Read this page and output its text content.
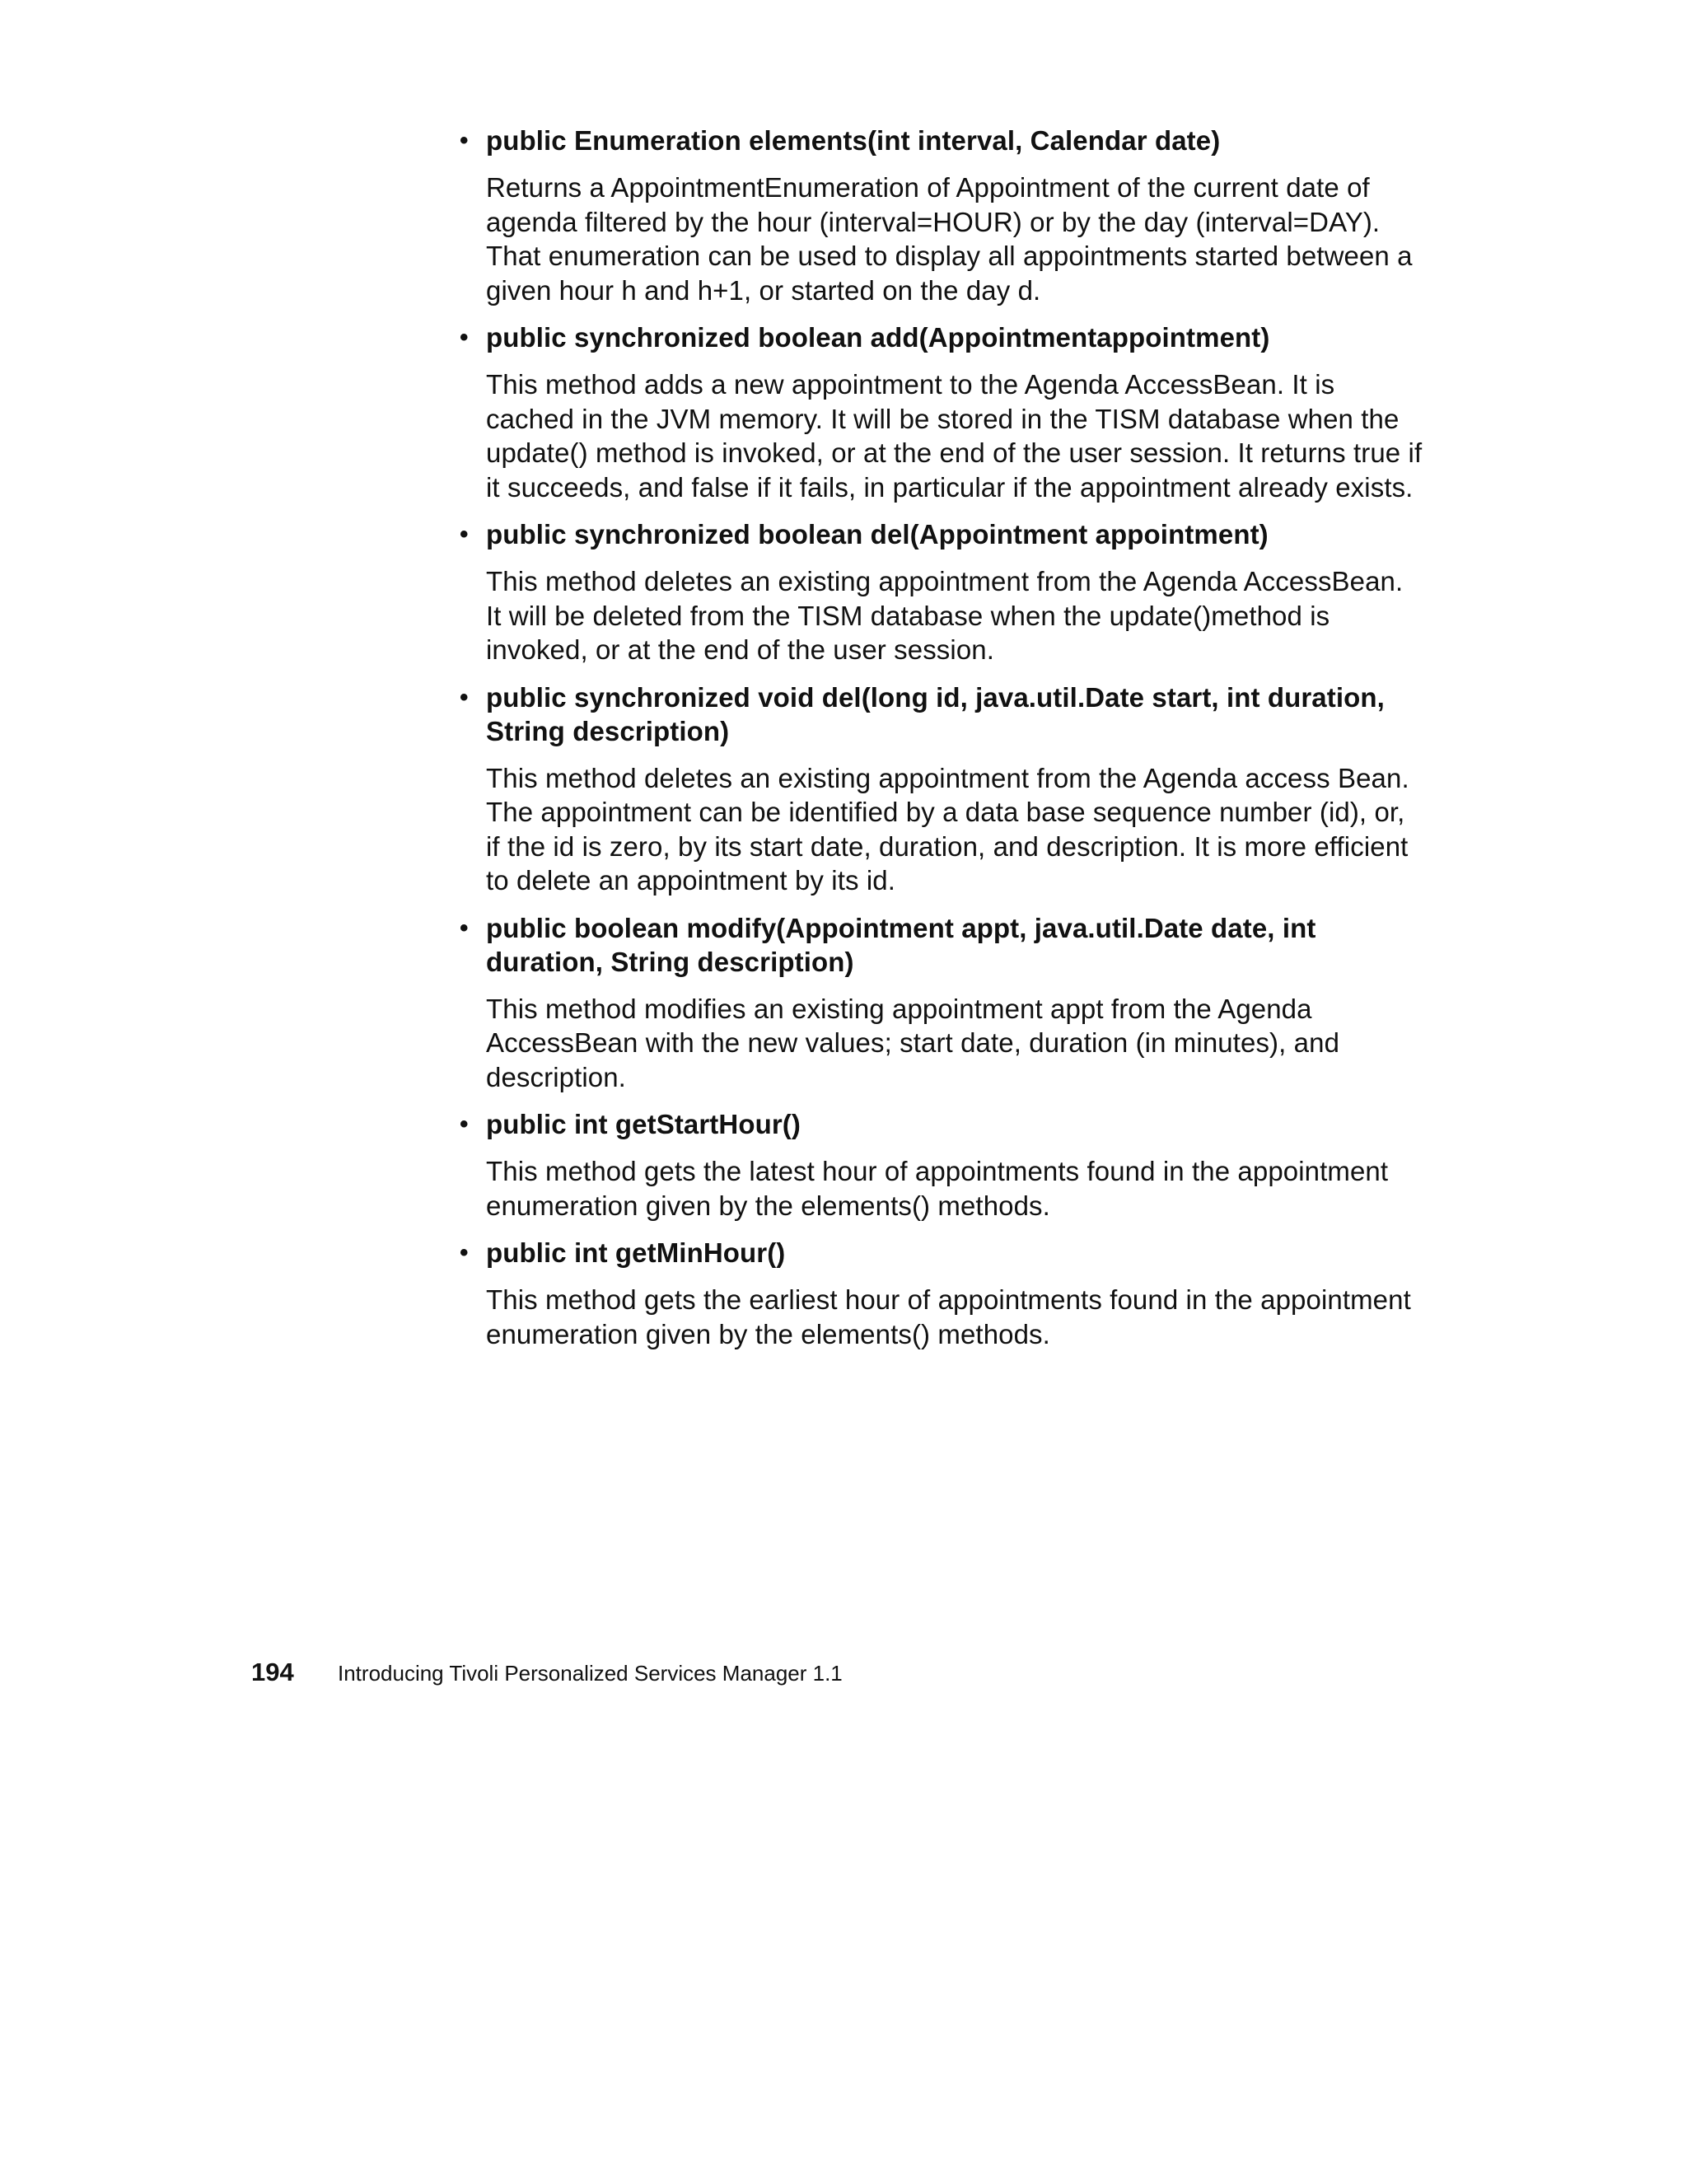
• public Enumeration elements(int interval, Calendar date)

Returns a AppointmentEnumeration of Appointment of the current date of agenda filtered by the hour (interval=HOUR) or by the day (interval=DAY). That enumeration can be used to display all appointments started between a given hour h and h+1, or started on the day d.

• public synchronized boolean add(Appointmentappointment)

This method adds a new appointment to the Agenda AccessBean. It is cached in the JVM memory. It will be stored in the TISM database when the update() method is invoked, or at the end of the user session. It returns true if it succeeds, and false if it fails, in particular if the appointment already exists.

• public synchronized boolean del(Appointment appointment)

This method deletes an existing appointment from the Agenda AccessBean. It will be deleted from the TISM database when the update()method is invoked, or at the end of the user session.

• public synchronized void del(long id, java.util.Date start, int duration, String description)

This method deletes an existing appointment from the Agenda access Bean. The appointment can be identified by a data base sequence number (id), or, if the id is zero, by its start date, duration, and description. It is more efficient to delete an appointment by its id.

• public boolean modify(Appointment appt, java.util.Date date, int duration, String description)

This method modifies an existing appointment appt from the Agenda AccessBean with the new values; start date, duration (in minutes), and description.

• public int getStartHour()

This method gets the latest hour of appointments found in the appointment enumeration given by the elements() methods.

• public int getMinHour()

This method gets the earliest hour of appointments found in the appointment enumeration given by the elements() methods.

194	Introducing Tivoli Personalized Services Manager 1.1
